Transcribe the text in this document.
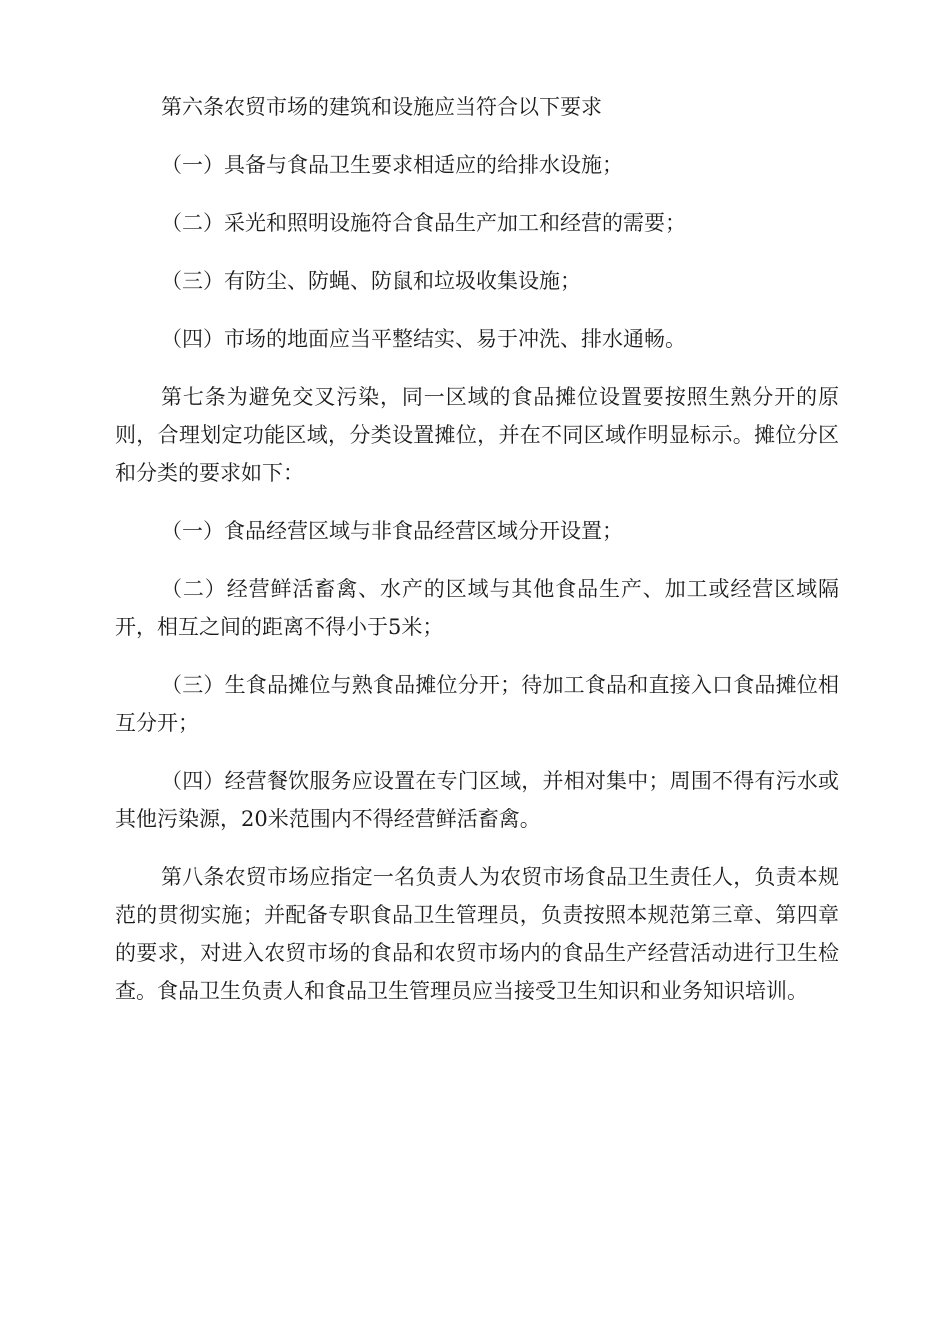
第六条农贸市场的建筑和设施应当符合以下要求

（一）具备与食品卫生要求相适应的给排水设施；

（二）采光和照明设施符合食品生产加工和经营的需要；

（三）有防尘、防蝇、防鼠和垃圾收集设施；

（四）市场的地面应当平整结实、易于冲洗、排水通畅。

第七条为避免交叉污染，同一区域的食品摊位设置要按照生熟分开的原则，合理划定功能区域，分类设置摊位，并在不同区域作明显标示。摊位分区和分类的要求如下：

（一）食品经营区域与非食品经营区域分开设置；

（二）经营鲜活畜禽、水产的区域与其他食品生产、加工或经营区域隔开，相互之间的距离不得小于5米；

（三）生食品摊位与熟食品摊位分开；待加工食品和直接入口食品摊位相互分开；

（四）经营餐饮服务应设置在专门区域，并相对集中；周围不得有污水或其他污染源，20米范围内不得经营鲜活畜禽。

第八条农贸市场应指定一名负责人为农贸市场食品卫生责任人，负责本规范的贯彻实施；并配备专职食品卫生管理员，负责按照本规范第三章、第四章的要求，对进入农贸市场的食品和农贸市场内的食品生产经营活动进行卫生检查。食品卫生负责人和食品卫生管理员应当接受卫生知识和业务知识培训。
